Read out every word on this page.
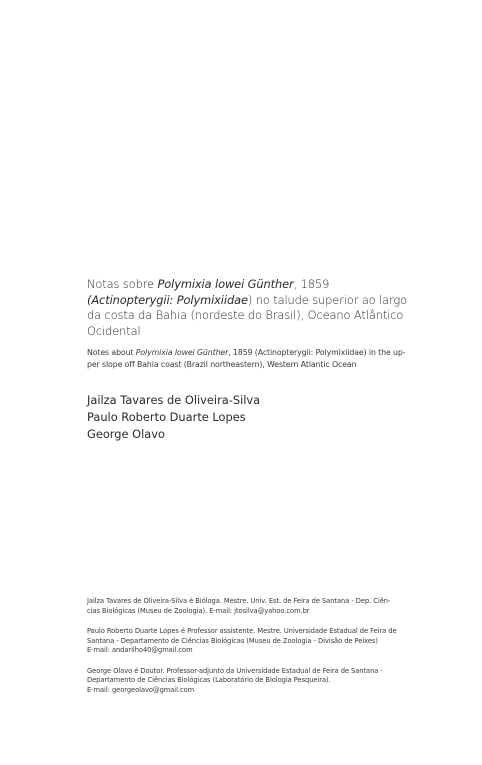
Notas sobre Polymixia lowei Günther, 1859
(Actinopterygii: Polymixiidae) no talude superior ao largo
da costa da Bahia (nordeste do Brasil), Oceano Atlântico
Ocidental
Notes about Polymixia lowei Günther, 1859 (Actinopterygii: Polymixiidae) in the up-
per slope off Bahia coast (Brazil northeastern), Western Atlantic Ocean
Jailza Tavares de Oliveira-Silva
Paulo Roberto Duarte Lopes
George Olavo
Jailza Tavares de Oliveira-Silva é Bióloga. Mestre. Univ. Est. de Feira de Santana - Dep. Ciên-
cias Biológicas (Museu de Zoologia). E-mail: jtosilva@yahoo.com.br
Paulo Roberto Duarte Lopes é Professor assistente. Mestre. Universidade Estadual de Feira de
Santana - Departamento de Ciências Biológicas (Museu de Zoologia - Divisão de Peixes)
E-mail: andarilho40@gmail.com
George Olavo é Doutor. Professor-adjunto da Universidade Estadual de Feira de Santana -
Departamento de Ciências Biológicas (Laboratório de Biologia Pesqueira).
E-mail: georgeolavo@gmail.com
